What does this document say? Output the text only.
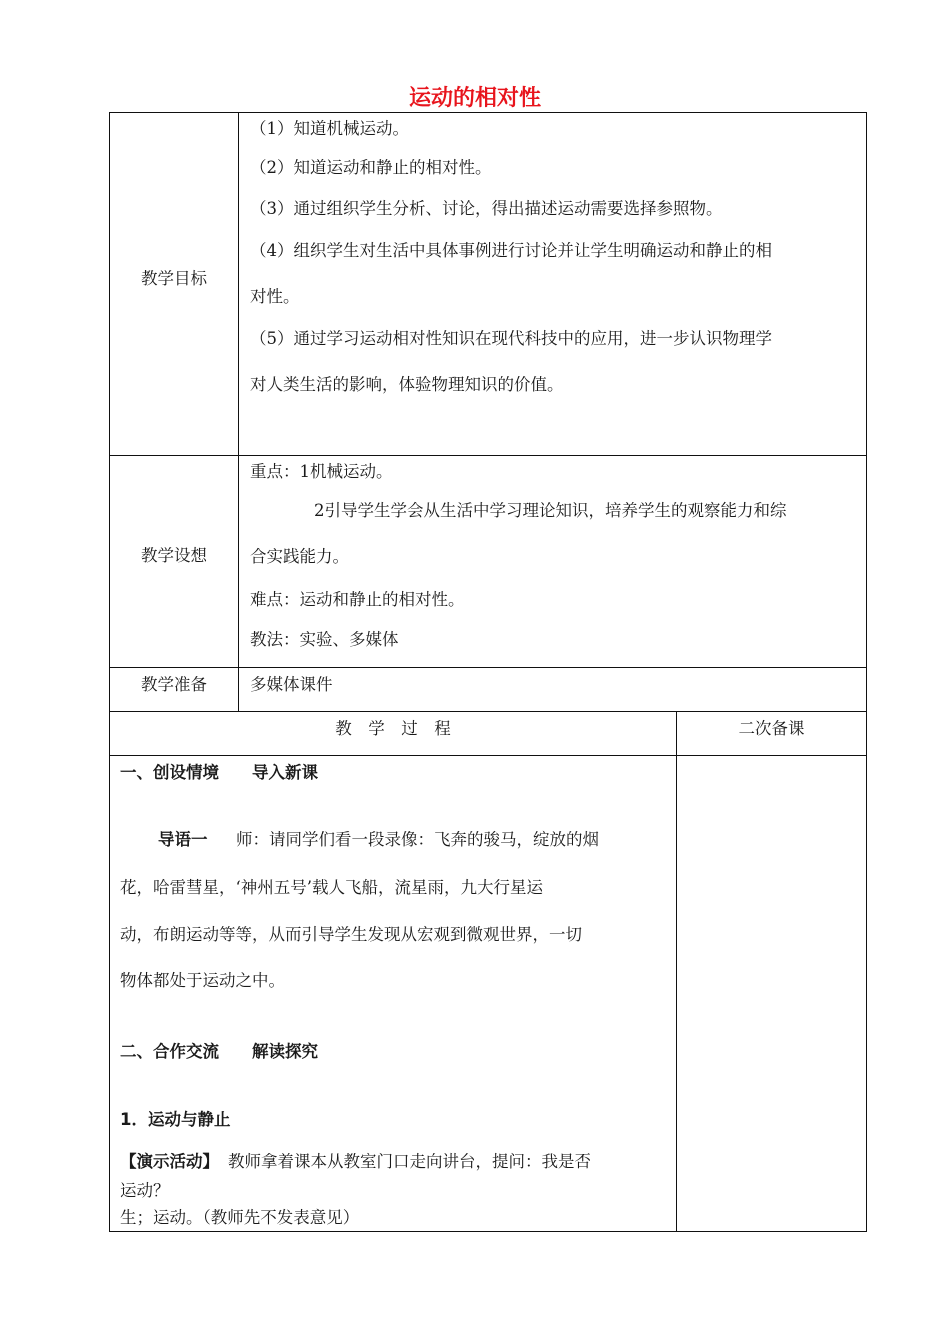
运动的相对性
教学目标
（1）知道机械运动。
（2）知道运动和静止的相对性。
（3）通过组织学生分析、讨论，得出描述运动需要选择参照物。
（4）组织学生对生活中具体事例进行讨论并让学生明确运动和静止的相
对性。
（5）通过学习运动相对性知识在现代科技中的应用，进一步认识物理学
对人类生活的影响，体验物理知识的价值。
教学设想
重点：1机械运动。
2引导学生学会从生活中学习理论知识，培养学生的观察能力和综
合实践能力。
难点：运动和静止的相对性。
教法：实验、多媒体
教学准备	多媒体课件
教　学　过　程	二次备课
一、创设情境　　导入新课
导语一 师：请同学们看一段录像：飞奔的骏马，绽放的烟
花，哈雷彗星，‘神州五号’载人飞船，流星雨，九大行星运
动，布朗运动等等，从而引导学生发现从宏观到微观世界，一切
物体都处于运动之中。
二、合作交流　　解读探究
1．运动与静止
【演示活动】 教师拿着课本从教室门口走向讲台，提问：我是否
运动？
生；运动。（教师先不发表意见）
